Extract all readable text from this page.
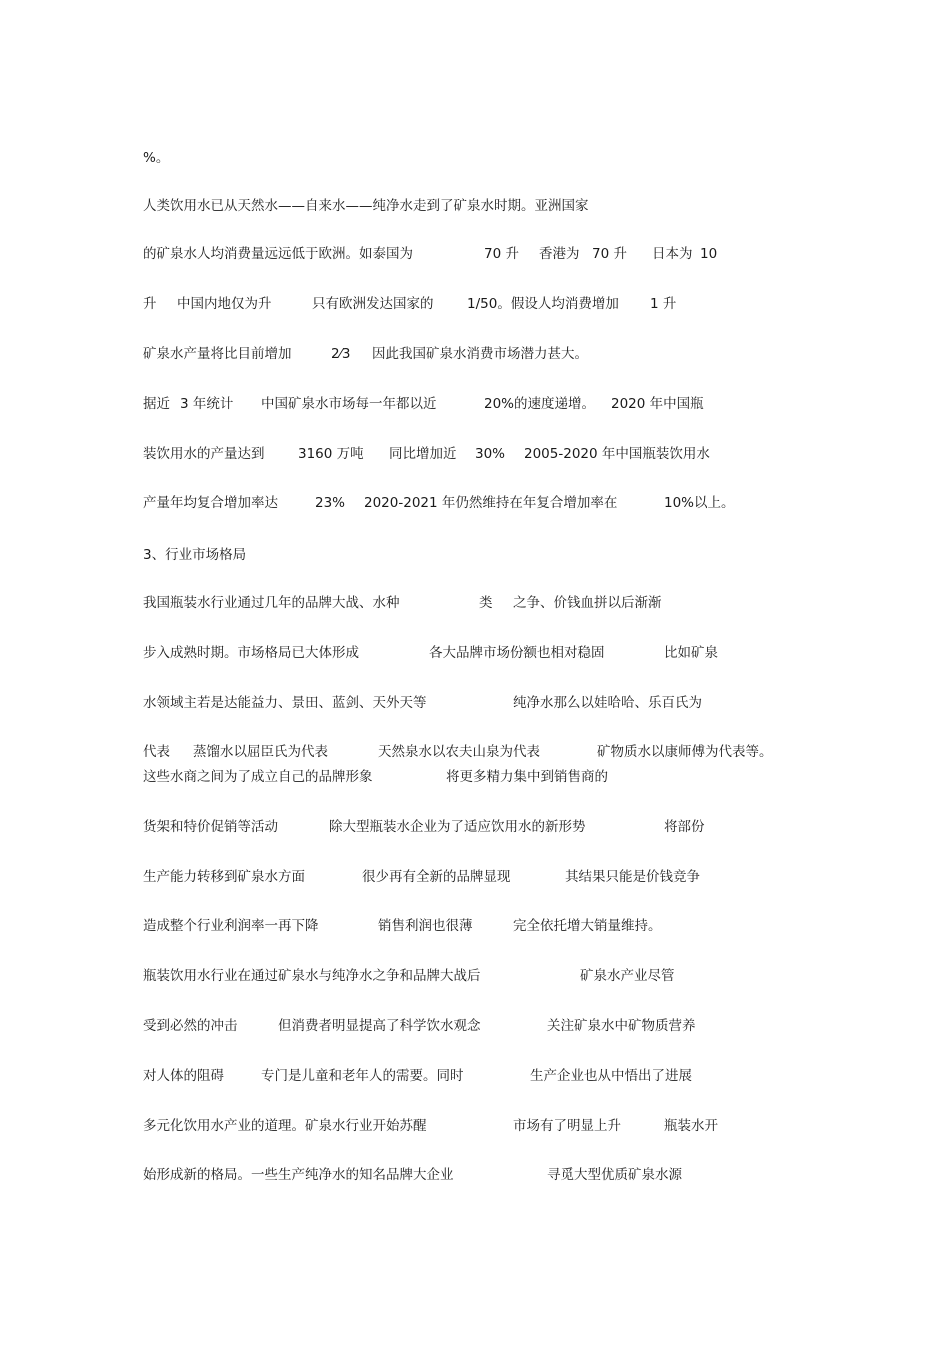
%。
人类饮用水已从天然水——自来水——纯净水走到了矿泉水时期。亚洲国家
的矿泉水人均消费量远远低于欧洲。如泰国为	70 升 香港为 70 升 日本为 10
升 中国内地仅为升	只有欧洲发达国家的 1/50。假设人均消费增加 1 升
矿泉水产量将比目前增加	2⁄3 因此我国矿泉水消费市场潜力甚大。
据近 3 年统计 中国矿泉水市场每一年都以近	20%的速度递增。 2020 年中国瓶
装饮用水的产量达到 3160 万吨 同比增加近 30% 2005-2020 年中国瓶装饮用水
产量年均复合增加率达	23% 2020-2021 年仍然维持在年复合增加率在	10%以上。
3、行业市场格局
我国瓶装水行业通过几年的品牌大战、水种	类 之争、价钱血拼以后渐渐
步入成熟时期。市场格局已大体形成	各大品牌市场份额也相对稳固	比如矿泉
水领域主若是达能益力、景田、蓝剑、天外天等	纯净水那么以娃哈哈、乐百氏为
代表 蒸馏水以屈臣氏为代表	天然泉水以农夫山泉为代表	矿物质水以康师傅为代表等。
这些水商之间为了成立自己的品牌形象	将更多精力集中到销售商的
货架和特价促销等活动	除大型瓶装水企业为了适应饮用水的新形势	将部份
生产能力转移到矿泉水方面	很少再有全新的品牌显现	其结果只能是价钱竞争
造成整个行业利润率一再下降	销售利润也很薄	完全依托增大销量维持。
瓶装饮用水行业在通过矿泉水与纯净水之争和品牌大战后	矿泉水产业尽管
受到必然的冲击	但消费者明显提高了科学饮水观念	关注矿泉水中矿物质营养
对人体的阻碍	专门是儿童和老年人的需要。同时	生产企业也从中悟出了进展
多元化饮用水产业的道理。矿泉水行业开始苏醒	市场有了明显上升	瓶装水开
始形成新的格局。一些生产纯净水的知名品牌大企业	寻觅大型优质矿泉水源
